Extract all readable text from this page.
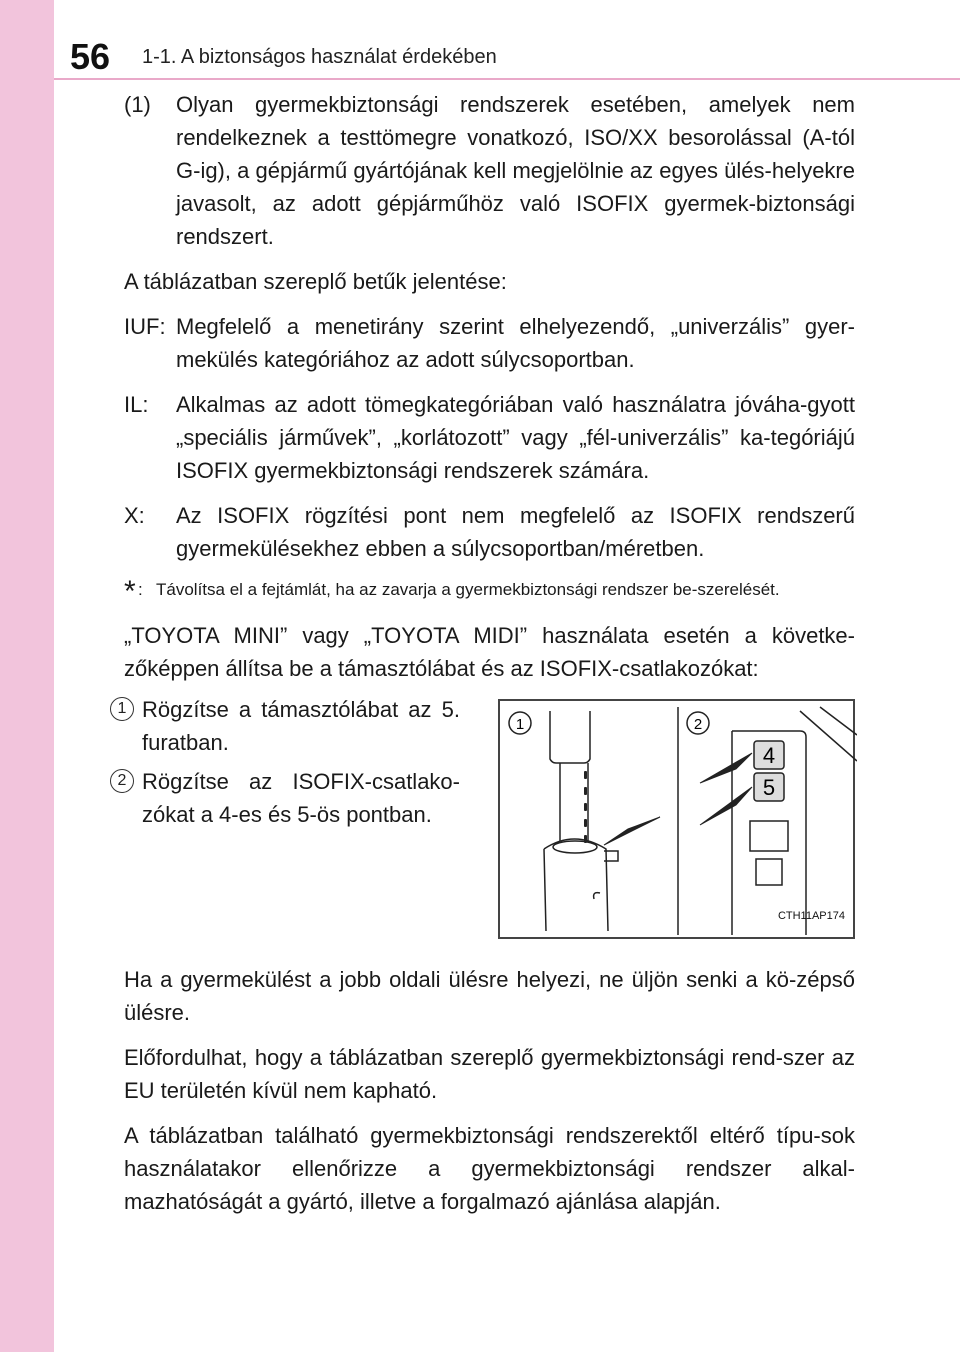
56 1-1. A biztonságos használat érdekében
(1)	Olyan gyermekbiztonsági rendszerek esetében, amelyek nem rendelkeznek a testtömegre vonatkozó, ISO/XX besorolással (A-tól G-ig), a gépjármű gyártójának kell megjelölnie az egyes ülés-helyekre javasolt, az adott gépjárműhöz való ISOFIX gyermek-biztonsági rendszert.

A táblázatban szereplő betűk jelentése:

IUF: Megfelelő a menetirány szerint elhelyezendő, „univerzális” gyer-mekülés kategóriához az adott súlycsoportban.
IL:	Alkalmas az adott tömegkategóriában való használatra jóváha-gyott „speciális járművek”, „korlátozott” vagy „fél-univerzális” ka-tegóriájú ISOFIX gyermekbiztonsági rendszerek számára.
X:	Az ISOFIX rögzítési pont nem megfelelő az ISOFIX rendszerű gyermekülésekhez ebben a súlycsoportban/méretben.
* : Távolítsa el a fejtámlát, ha az zavarja a gyermekbiztonsági rendszer be-szerelését.

„TOYOTA MINI” vagy „TOYOTA MIDI” használata esetén a követke-zőképpen állítsa be a támasztólábat és az ISOFIX-csatlakozókat:

1 Rögzítse a támasztólábat az 5. furatban.
2 Rögzítse az ISOFIX-csatlako-zókat a 4-es és 5-ös pontban.
1	2
4
5
CTH11AP174

Ha a gyermekülést a jobb oldali ülésre helyezi, ne üljön senki a kö-zépső ülésre.

Előfordulhat, hogy a táblázatban szereplő gyermekbiztonsági rend-szer az EU területén kívül nem kapható.

A táblázatban található gyermekbiztonsági rendszerektől eltérő típu-sok használatakor ellenőrizze a gyermekbiztonsági rendszer alkal-mazhatóságát a gyártó, illetve a forgalmazó ajánlása alapján.
